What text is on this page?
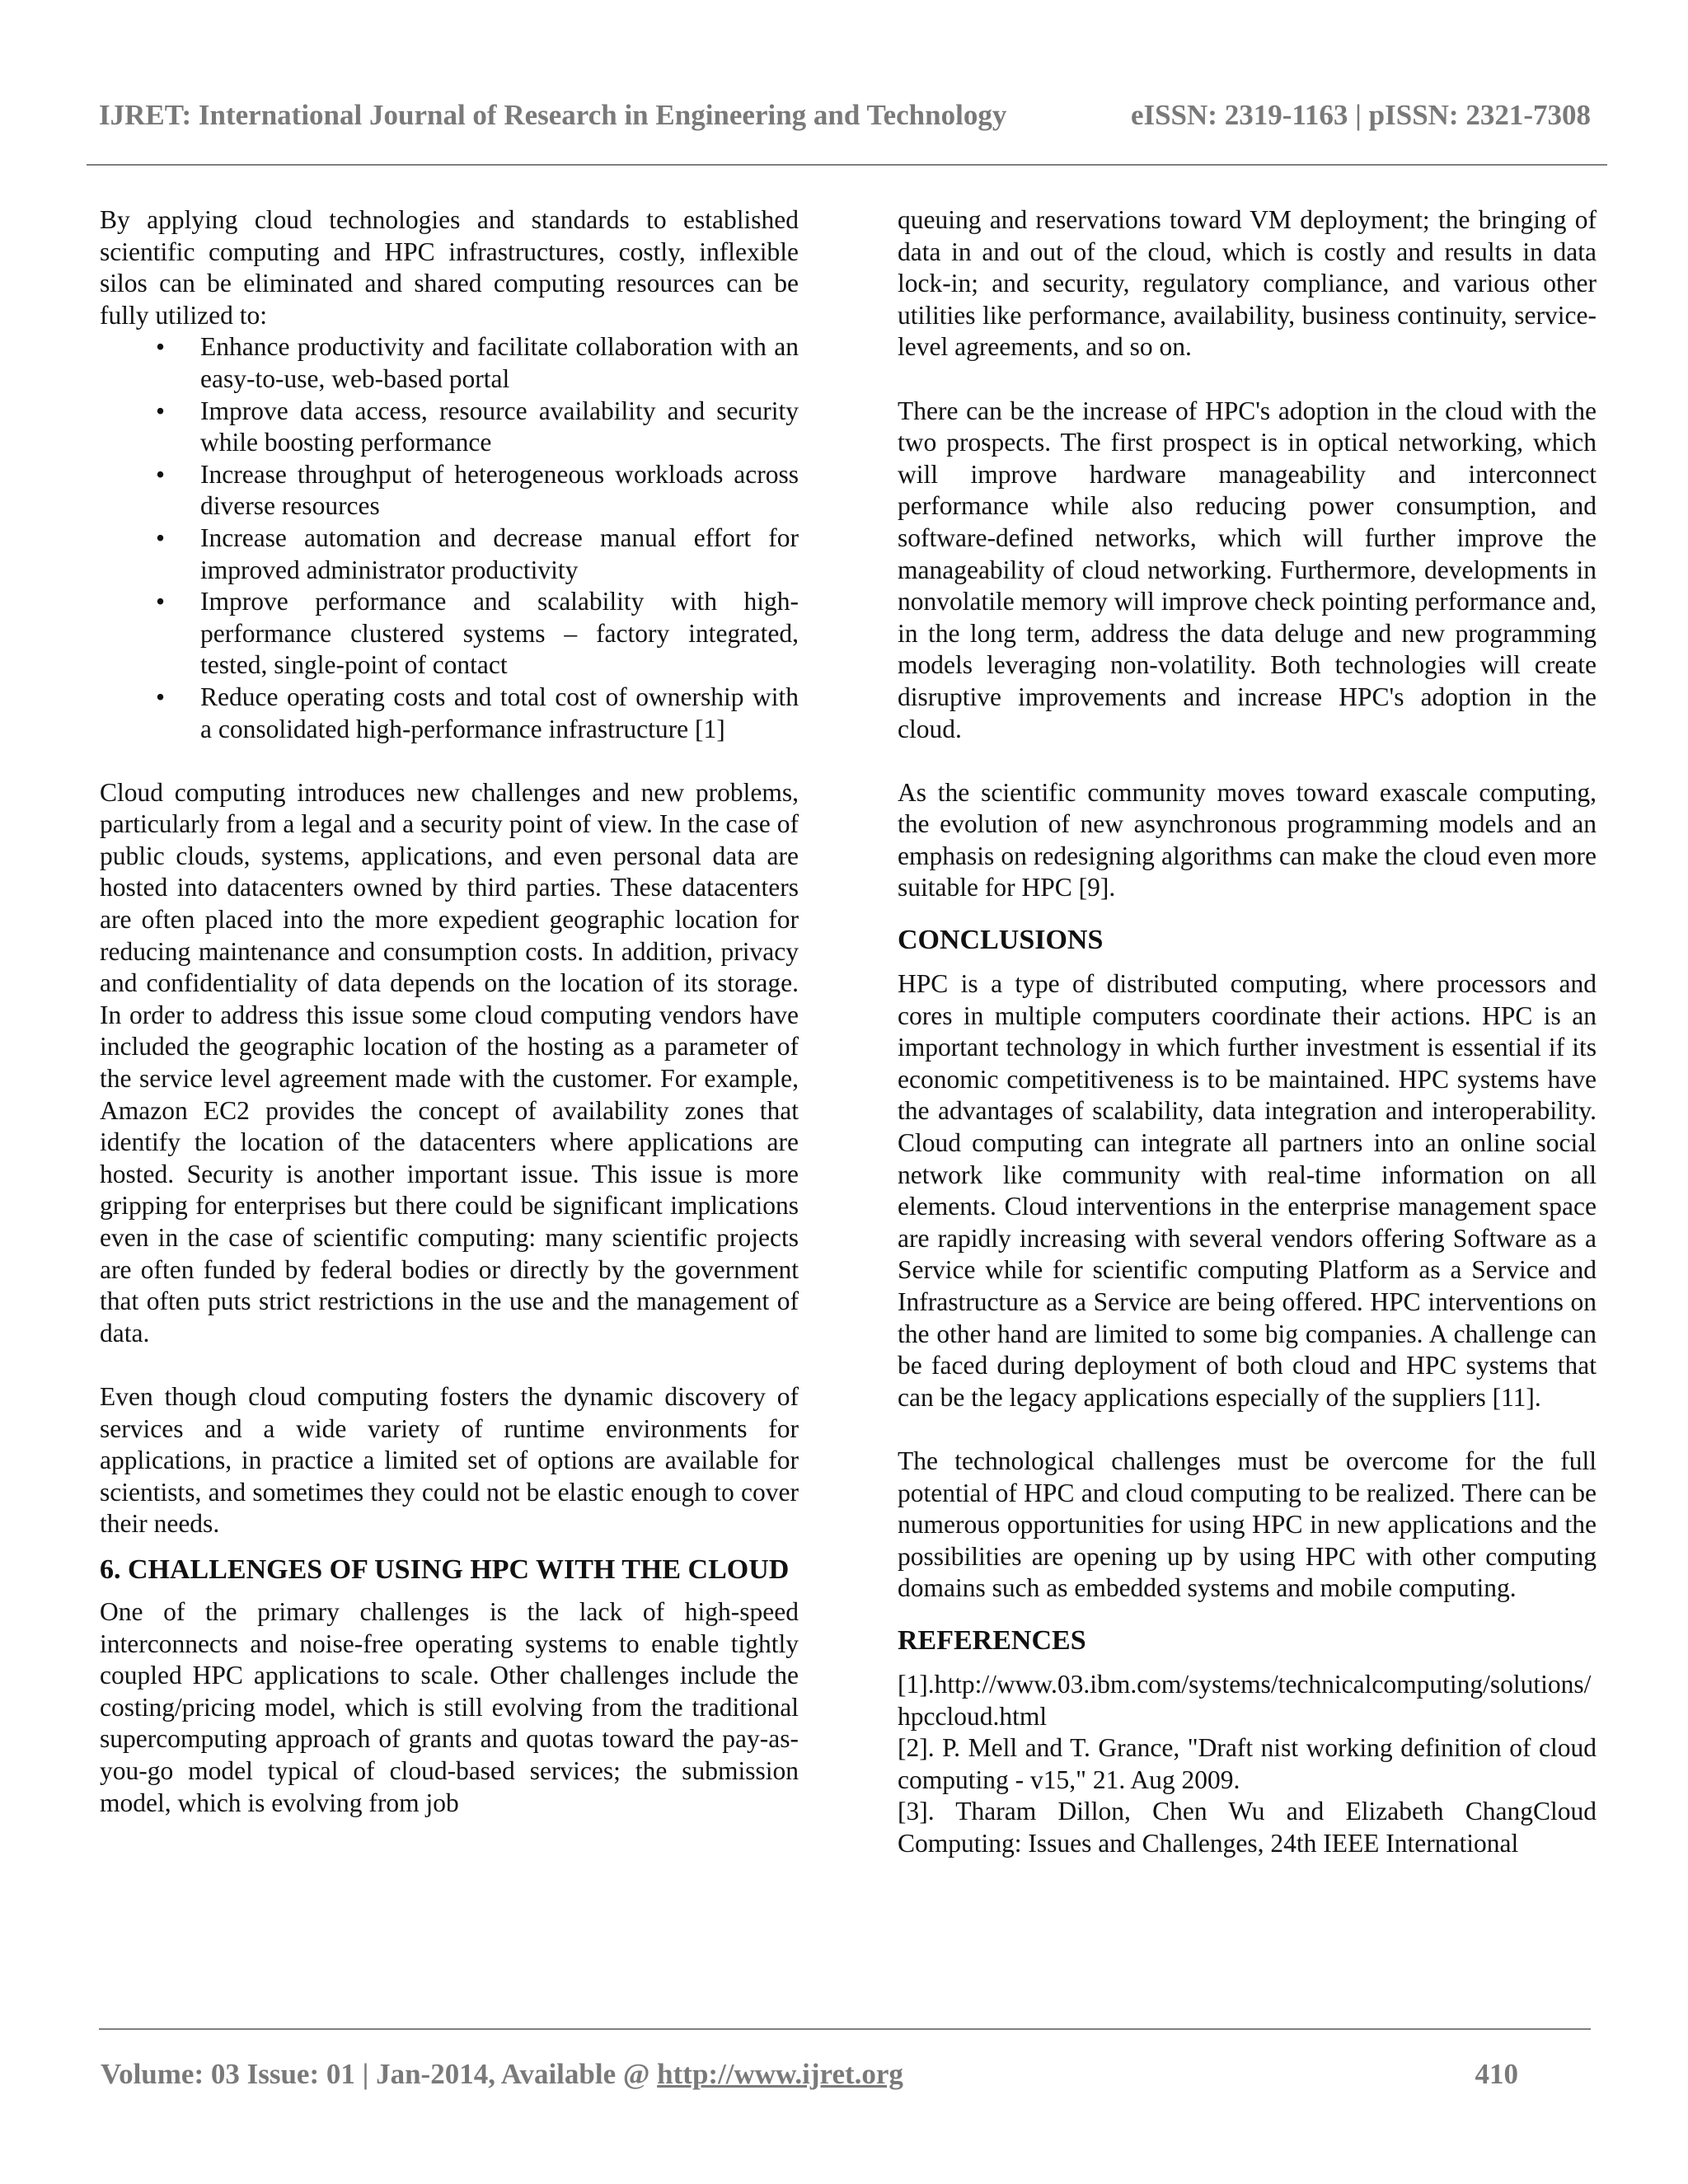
IJRET: International Journal of Research in Engineering and Technology	eISSN: 2319-1163 | pISSN: 2321-7308

By applying cloud technologies and standards to established scientific computing and HPC infrastructures, costly, inflexible silos can be eliminated and shared computing resources can be fully utilized to:

• Enhance productivity and facilitate collaboration with an easy-to-use, web-based portal
• Improve data access, resource availability and security while boosting performance
• Increase throughput of heterogeneous workloads across diverse resources
• Increase automation and decrease manual effort for improved administrator productivity
• Improve performance and scalability with high-performance clustered systems – factory integrated, tested, single-point of contact
• Reduce operating costs and total cost of ownership with a consolidated high-performance infrastructure [1]

Cloud computing introduces new challenges and new problems, particularly from a legal and a security point of view. In the case of public clouds, systems, applications, and even personal data are hosted into datacenters owned by third parties. These datacenters are often placed into the more expedient geographic location for reducing maintenance and consumption costs. In addition, privacy and confidentiality of data depends on the location of its storage. In order to address this issue some cloud computing vendors have included the geographic location of the hosting as a parameter of the service level agreement made with the customer. For example, Amazon EC2 provides the concept of availability zones that identify the location of the datacenters where applications are hosted. Security is another important issue. This issue is more gripping for enterprises but there could be significant implications even in the case of scientific computing: many scientific projects are often funded by federal bodies or directly by the government that often puts strict restrictions in the use and the management of data.

Even though cloud computing fosters the dynamic discovery of services and a wide variety of runtime environments for applications, in practice a limited set of options are available for scientists, and sometimes they could not be elastic enough to cover their needs.

6. CHALLENGES OF USING HPC WITH THE CLOUD

One of the primary challenges is the lack of high-speed interconnects and noise-free operating systems to enable tightly coupled HPC applications to scale. Other challenges include the costing/pricing model, which is still evolving from the traditional supercomputing approach of grants and quotas toward the pay-as-you-go model typical of cloud-based services; the submission model, which is evolving from job

queuing and reservations toward VM deployment; the bringing of data in and out of the cloud, which is costly and results in data lock-in; and security, regulatory compliance, and various other utilities like performance, availability, business continuity, service-level agreements, and so on.

There can be the increase of HPC's adoption in the cloud with the two prospects. The first prospect is in optical networking, which will improve hardware manageability and interconnect performance while also reducing power consumption, and software-defined networks, which will further improve the manageability of cloud networking. Furthermore, developments in nonvolatile memory will improve check pointing performance and, in the long term, address the data deluge and new programming models leveraging non-volatility. Both technologies will create disruptive improvements and increase HPC's adoption in the cloud.

As the scientific community moves toward exascale computing, the evolution of new asynchronous programming models and an emphasis on redesigning algorithms can make the cloud even more suitable for HPC [9].

CONCLUSIONS

HPC is a type of distributed computing, where processors and cores in multiple computers coordinate their actions. HPC is an important technology in which further investment is essential if its economic competitiveness is to be maintained. HPC systems have the advantages of scalability, data integration and interoperability. Cloud computing can integrate all partners into an online social network like community with real-time information on all elements. Cloud interventions in the enterprise management space are rapidly increasing with several vendors offering Software as a Service while for scientific computing Platform as a Service and Infrastructure as a Service are being offered. HPC interventions on the other hand are limited to some big companies. A challenge can be faced during deployment of both cloud and HPC systems that can be the legacy applications especially of the suppliers [11].

The technological challenges must be overcome for the full potential of HPC and cloud computing to be realized. There can be numerous opportunities for using HPC in new applications and the possibilities are opening up by using HPC with other computing domains such as embedded systems and mobile computing.

REFERENCES

[1].http://www.03.ibm.com/systems/technicalcomputing/solutions/hpccloud.html

[2]. P. Mell and T. Grance, "Draft nist working definition of cloud computing - v15," 21. Aug 2009.

[3]. Tharam Dillon, Chen Wu and Elizabeth ChangCloud Computing: Issues and Challenges, 24th IEEE International

Volume: 03 Issue: 01 | Jan-2014, Available @ http://www.ijret.org	410
